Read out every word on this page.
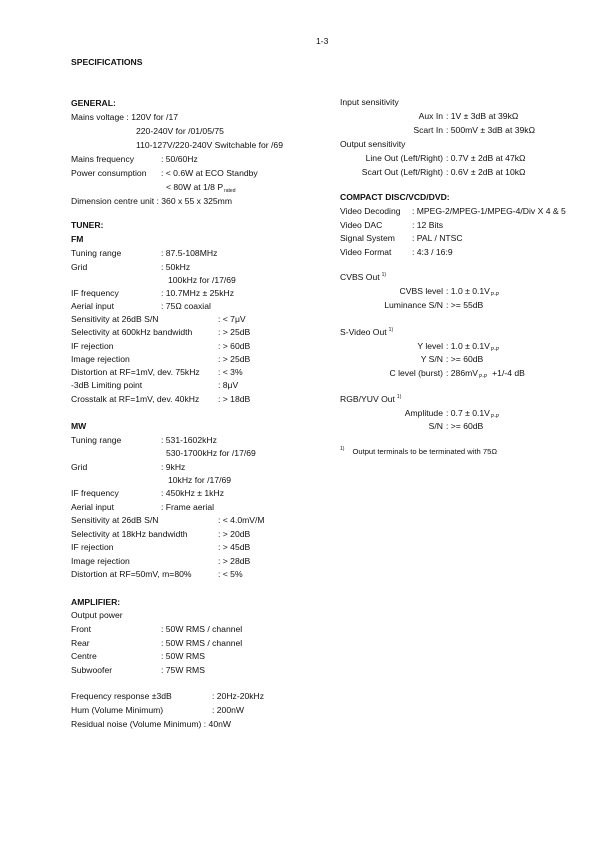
1-3
SPECIFICATIONS
GENERAL:
Mains voltage : 120V for /17
220-240V for /01/05/75
110-127V/220-240V Switchable for /69
Mains frequency	: 50/60Hz
Power consumption : < 0.6W at ECO Standby
< 80W at 1/8 $P_{rated}$
Dimension centre unit : 360 x 55 x 325mm
TUNER:
FM
Tuning range	: 87.5-108MHz
Grid	: 50kHz
100kHz for /17/69
IF frequency	: 10.7MHz ± 25kHz
Aerial input	: 75Ω coaxial
Sensitivity at 26dB S/N	: < 7μV
Selectivity at 600kHz bandwidth	: > 25dB
IF rejection	: > 60dB
Image rejection	: > 25dB
Distortion at RF=1mV, dev. 75kHz : < 3%
-3dB Limiting point	: 8μV
Crosstalk at RF=1mV, dev. 40kHz : > 18dB
MW
Tuning range	: 531-1602kHz
530-1700kHz for /17/69
Grid	: 9kHz
10kHz for /17/69
IF frequency	: 450kHz ± 1kHz
Aerial input	: Frame aerial
Sensitivity at 26dB S/N	: < 4.0mV/M
Selectivity at 18kHz bandwidth	: > 20dB
IF rejection	: > 45dB
Image rejection	: > 28dB
Distortion at RF=50mV, m=80%	: < 5%
AMPLIFIER:
Output power
Front	: 50W RMS / channel
Rear	: 50W RMS / channel
Centre	: 50W RMS
Subwoofer	: 75W RMS
Frequency response ±3dB	: 20Hz-20kHz
Hum (Volume Minimum)	: 200nW
Residual noise (Volume Minimum) : 40nW
Input sensitivity
Aux In : 1V ± 3dB at 39kΩ
Scart In : 500mV ± 3dB at 39kΩ
Output sensitivity
Line Out (Left/Right) : 0.7V ± 2dB at 47kΩ
Scart Out (Left/Right) : 0.6V ± 2dB at 10kΩ
COMPACT DISC/VCD/DVD:
Video Decoding : MPEG-2/MPEG-1/MPEG-4/Div X 4 & 5
Video DAC	: 12 Bits
Signal System : PAL / NTSC
Video Format : 4:3 / 16:9
CVBS Out $^{1)}$
CVBS level : $1.0 \pm 0.1V_{P-P}$
Luminance S/N : >= 55dB
S-Video Out $^{1)}$
Y level : $1.0 \pm 0.1V_{P-P}$
Y S/N : >= 60dB
C level (burst) : $286mV_{P-P} +1/-4$ dB
RGB/YUV Out $^{1)}$
Amplitude : $0.7 \pm 0.1V_{P-P}$
S/N : >= 60dB
$^{1)}$ Output terminals to be terminated with 75Ω
